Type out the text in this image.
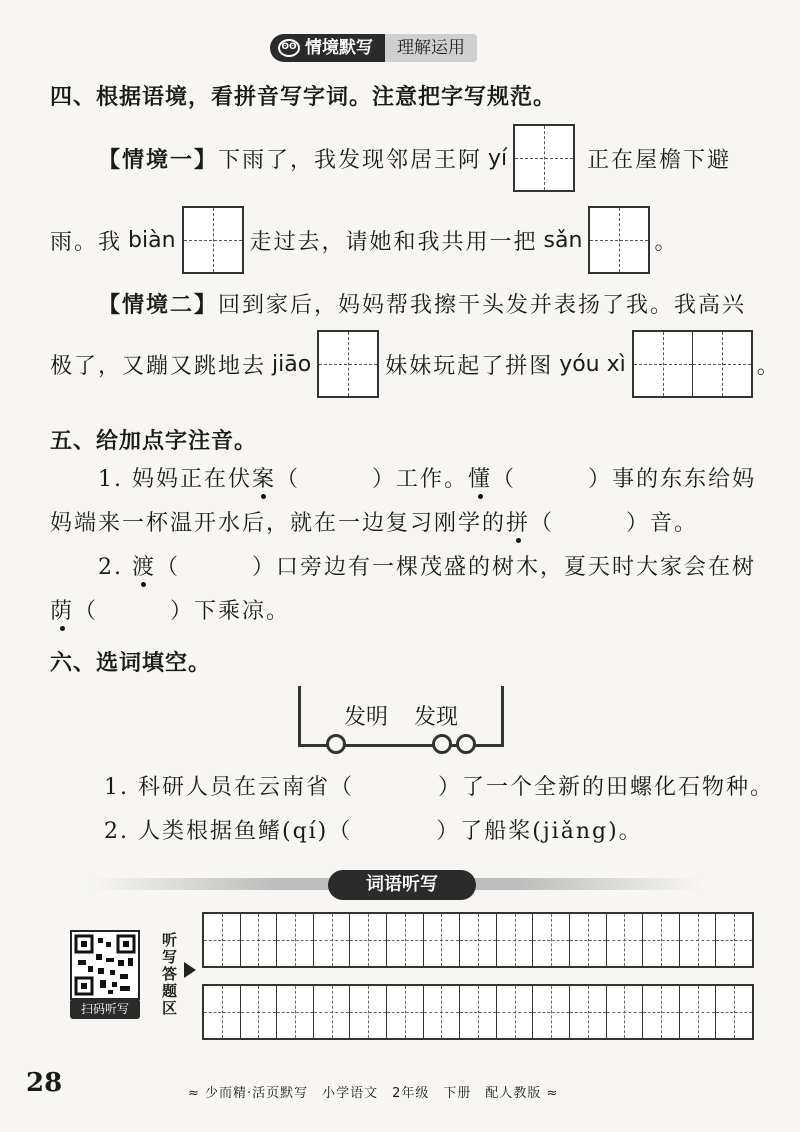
ʘʘ 情境默写	理解运用
四、根据语境，看拼音写字词。注意把字写规范。
【情境一】 下雨了，我发现邻居王阿 yí	正在屋檐下避
雨。我 biàn	走过去，请她和我共用一把 sǎn	。
【情境二】回到家后，妈妈帮我擦干头发并表扬了我。我高兴
极了，又蹦又跳地去 jiāo	妹妹玩起了拼图 yóu xì	。
五、给加点字注音。
1. 妈妈正在伏案（	）工作。懂（	）事的东东给妈
妈端来一杯温开水后，就在一边复习刚学的拼（	）音。
2. 渡（	）口旁边有一棵茂盛的树木，夏天时大家会在树
荫（	）下乘凉。
六、选词填空。
发明 发现
1. 科研人员在云南省（	）了一个全新的田螺化石物种。
2. 人类根据鱼鳍(qí)（	）了船桨(jiǎng)。
词语听写
扫码听写
听写答题区
28	≈ 少而精·活页默写　小学语文　2年级　下册　配人教版 ≈
